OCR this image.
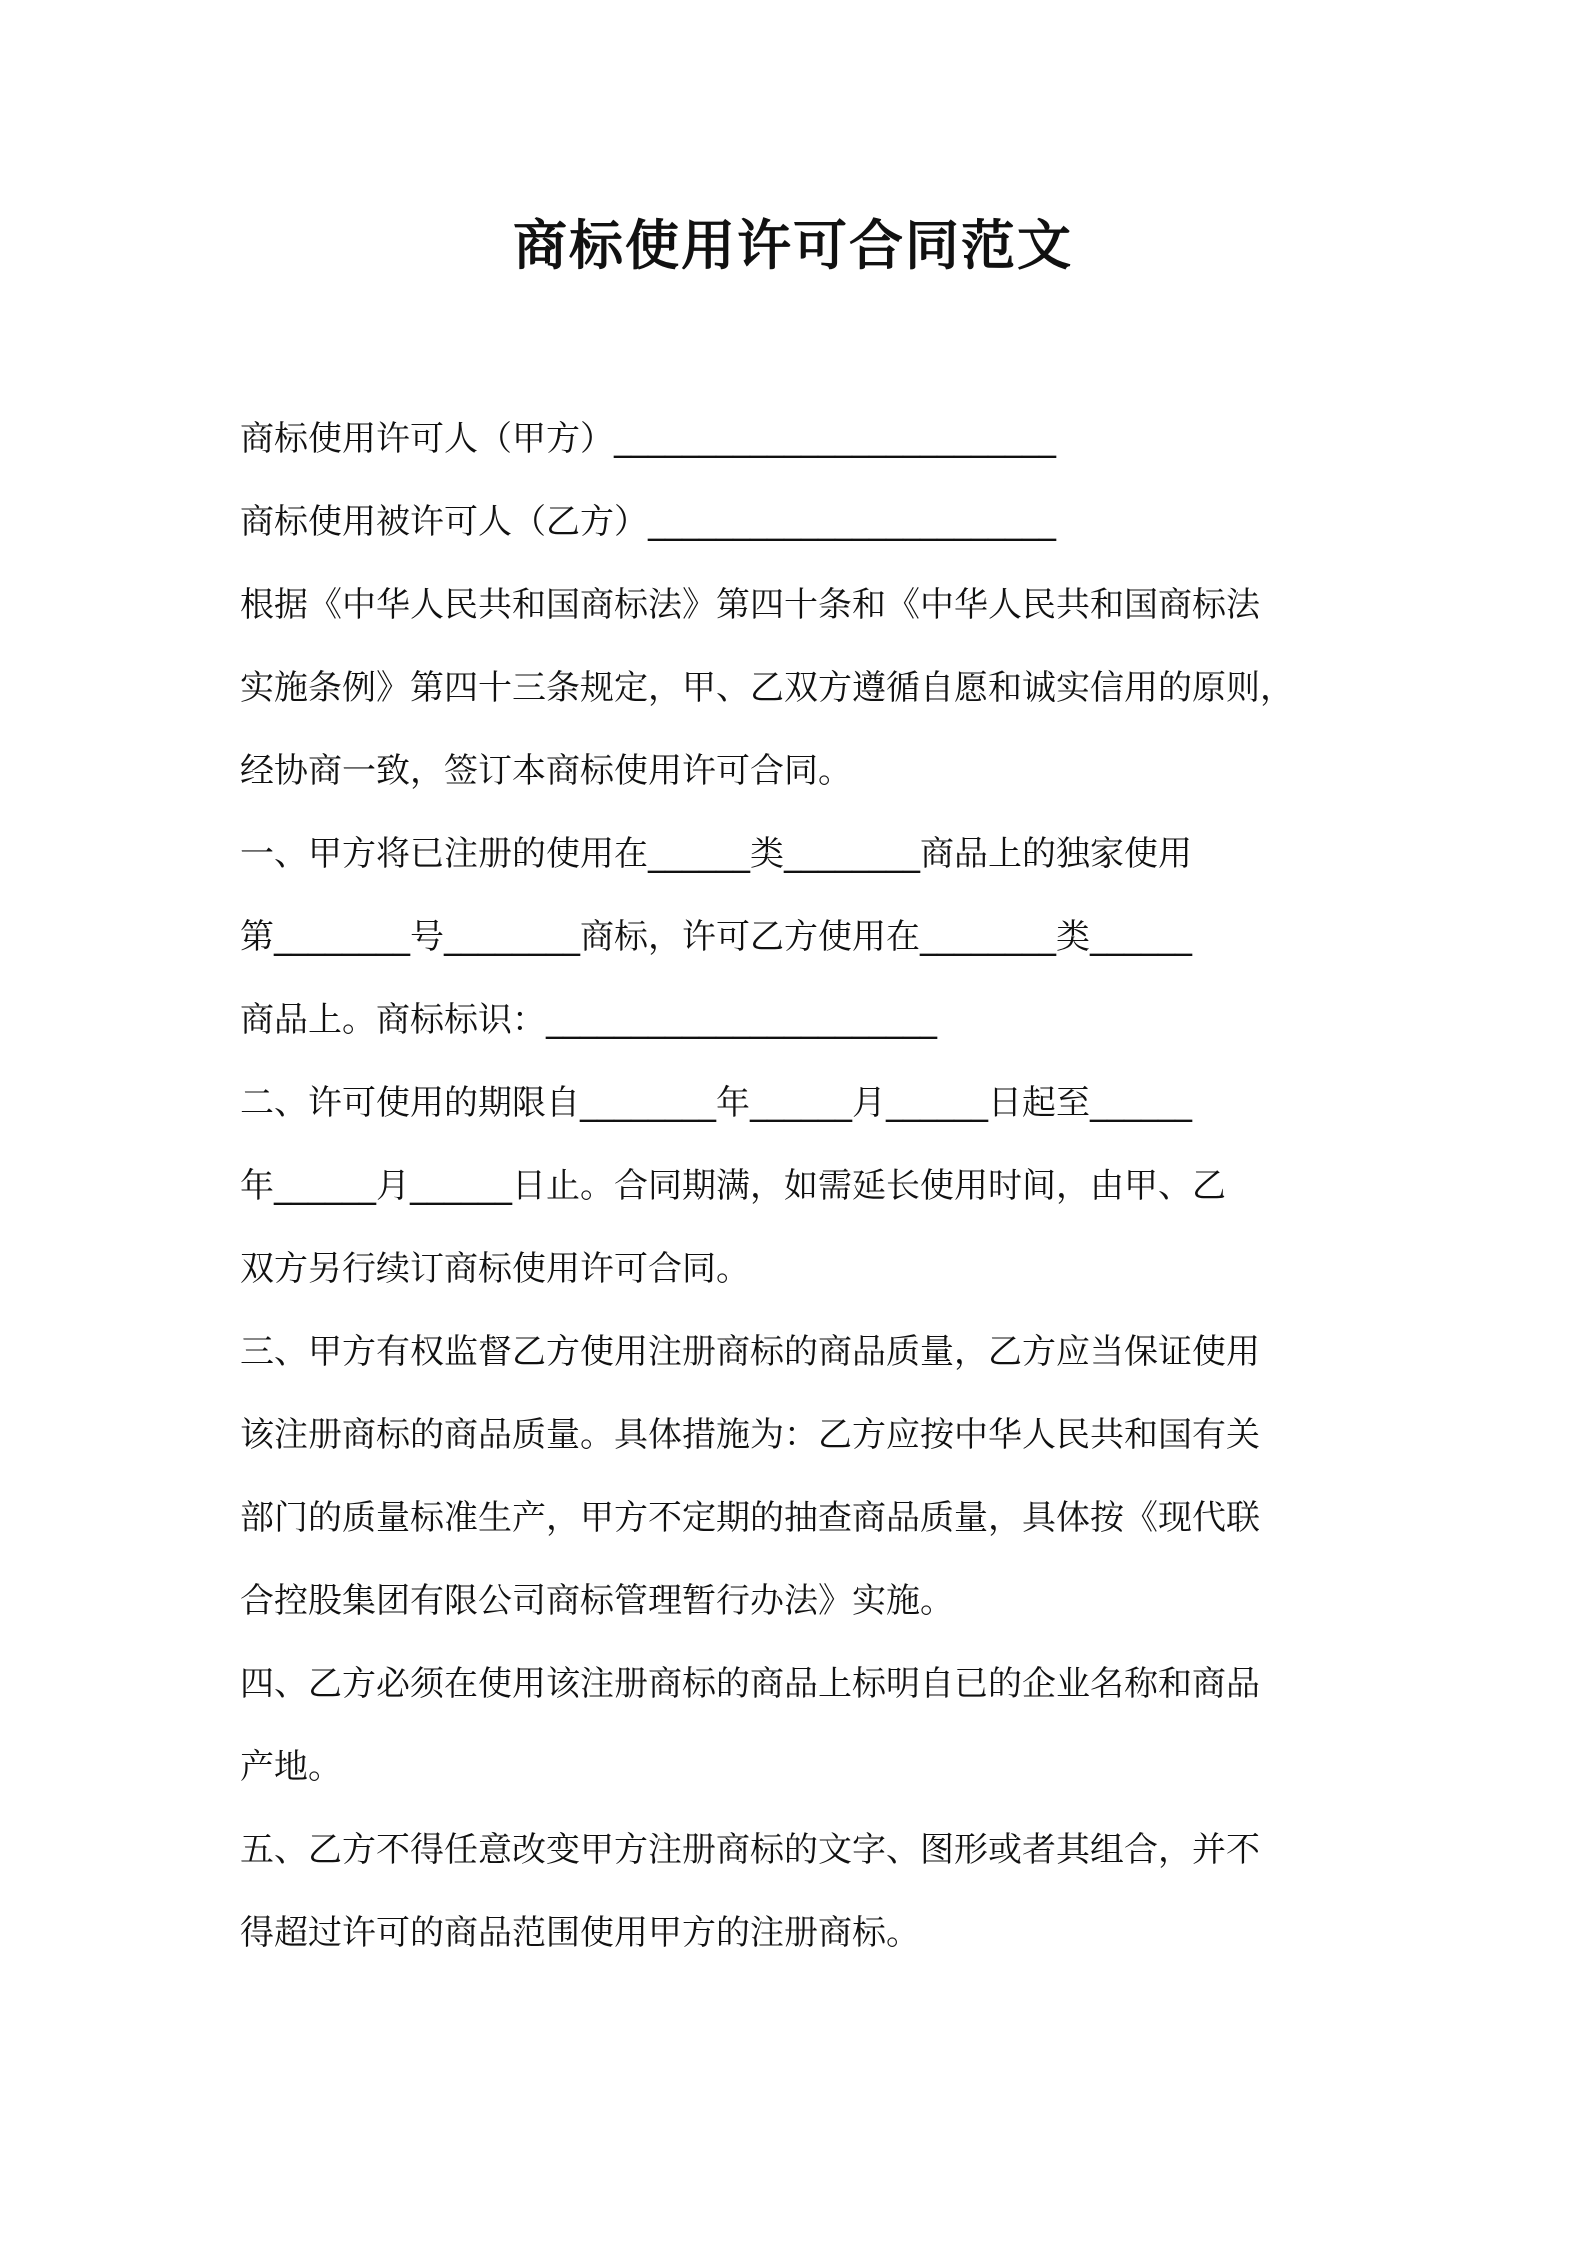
商标使用许可合同范文
商标使用许可人（甲方）__________________________
商标使用被许可人（乙方）________________________
根据《中华人民共和国商标法》第四十条和《中华人民共和国商标法
实施条例》第四十三条规定，甲、乙双方遵循自愿和诚实信用的原则，
经协商一致，签订本商标使用许可合同。
一、甲方将已注册的使用在______类________商品上的独家使用
第________号________商标，许可乙方使用在________类______
商品上。商标标识：_______________________
二、许可使用的期限自________年______月______日起至______
年______月______日止。合同期满，如需延长使用时间，由甲、乙
双方另行续订商标使用许可合同。
三、甲方有权监督乙方使用注册商标的商品质量，乙方应当保证使用
该注册商标的商品质量。具体措施为：乙方应按中华人民共和国有关
部门的质量标准生产，甲方不定期的抽查商品质量，具体按《现代联
合控股集团有限公司商标管理暂行办法》实施。
四、乙方必须在使用该注册商标的商品上标明自已的企业名称和商品
产地。
五、乙方不得任意改变甲方注册商标的文字、图形或者其组合，并不
得超过许可的商品范围使用甲方的注册商标。
